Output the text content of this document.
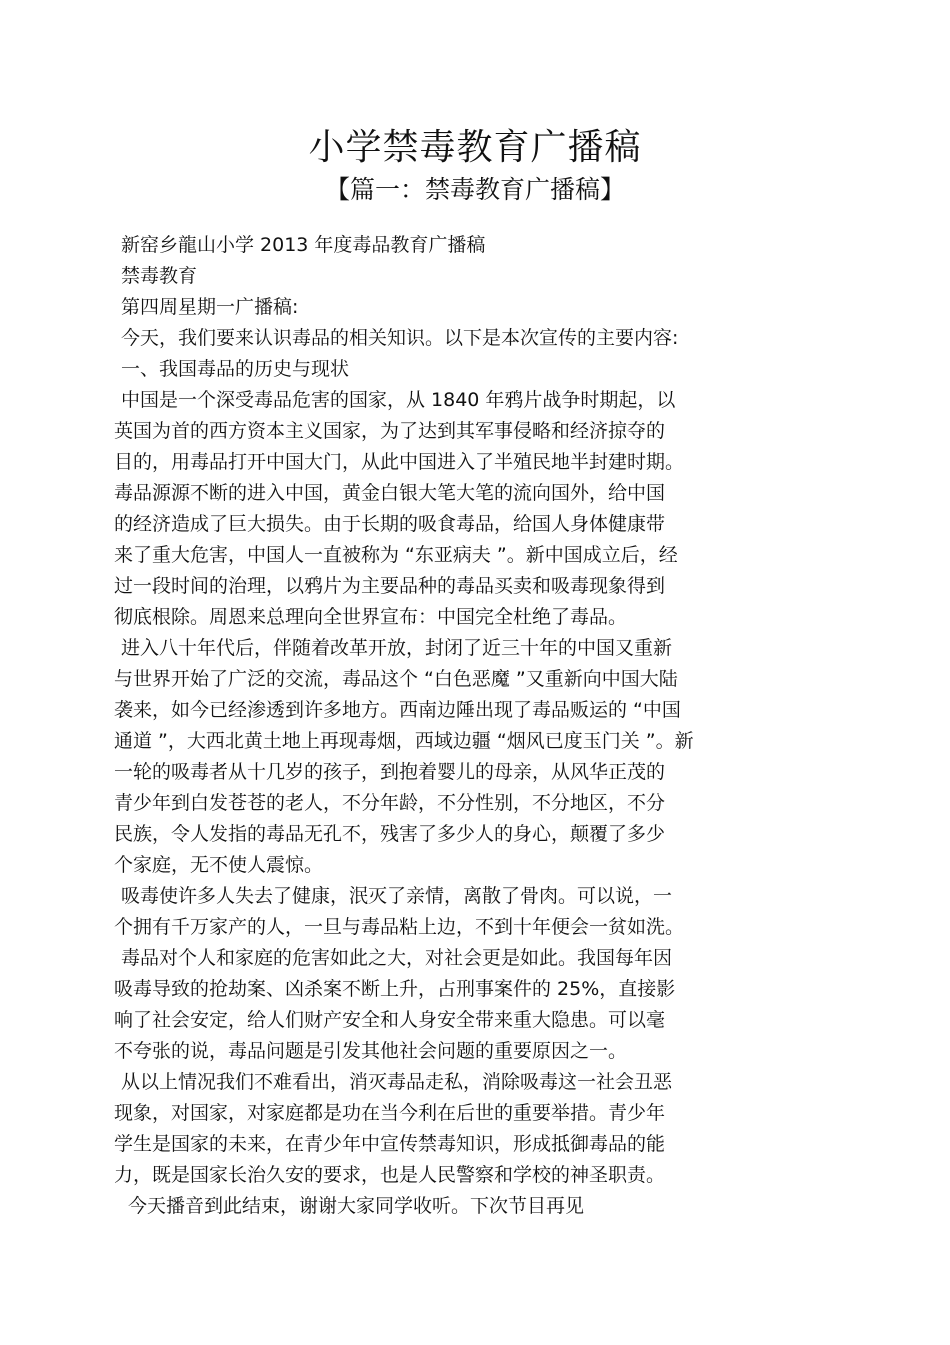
小学禁毒教育广播稿
【篇一：禁毒教育广播稿】
新窑乡龍山小学 2013 年度毒品教育广播稿
禁毒教育
第四周星期一广播稿:
今天，我们要来认识毒品的相关知识。以下是本次宣传的主要内容:
一、我国毒品的历史与现状
中国是一个深受毒品危害的国家，从 1840 年鸦片战争时期起，以
英国为首的西方资本主义国家，为了达到其军事侵略和经济掠夺的
目的，用毒品打开中国大门，从此中国进入了半殖民地半封建时期。
毒品源源不断的进入中国，黄金白银大笔大笔的流向国外，给中国
的经济造成了巨大损失。由于长期的吸食毒品，给国人身体健康带
来了重大危害，中国人一直被称为 “东亚病夫 ”。新中国成立后，经
过一段时间的治理，以鸦片为主要品种的毒品买卖和吸毒现象得到
彻底根除。周恩来总理向全世界宣布：中国完全杜绝了毒品。
进入八十年代后，伴随着改革开放，封闭了近三十年的中国又重新
与世界开始了广泛的交流，毒品这个 “白色恶魔 ”又重新向中国大陆
袭来，如今已经渗透到许多地方。西南边陲出现了毒品贩运的 “中国
通道 ”，大西北黄土地上再现毒烟，西域边疆 “烟风已度玉门关 ”。新
一轮的吸毒者从十几岁的孩子，到抱着婴儿的母亲，从风华正茂的
青少年到白发苍苍的老人，不分年龄，不分性别，不分地区，不分
民族，令人发指的毒品无孔不，残害了多少人的身心，颠覆了多少
个家庭，无不使人震惊。
吸毒使许多人失去了健康，泯灭了亲情，离散了骨肉。可以说，一
个拥有千万家产的人，一旦与毒品粘上边，不到十年便会一贫如洗。
毒品对个人和家庭的危害如此之大，对社会更是如此。我国每年因
吸毒导致的抢劫案、凶杀案不断上升，占刑事案件的 25%，直接影
响了社会安定，给人们财产安全和人身安全带来重大隐患。可以毫
不夸张的说，毒品问题是引发其他社会问题的重要原因之一。
从以上情况我们不难看出，消灭毒品走私，消除吸毒这一社会丑恶
现象，对国家，对家庭都是功在当今利在后世的重要举措。青少年
学生是国家的未来，在青少年中宣传禁毒知识，形成抵御毒品的能
力，既是国家长治久安的要求，也是人民警察和学校的神圣职责。
今天播音到此结束，谢谢大家同学收听。下次节目再见
